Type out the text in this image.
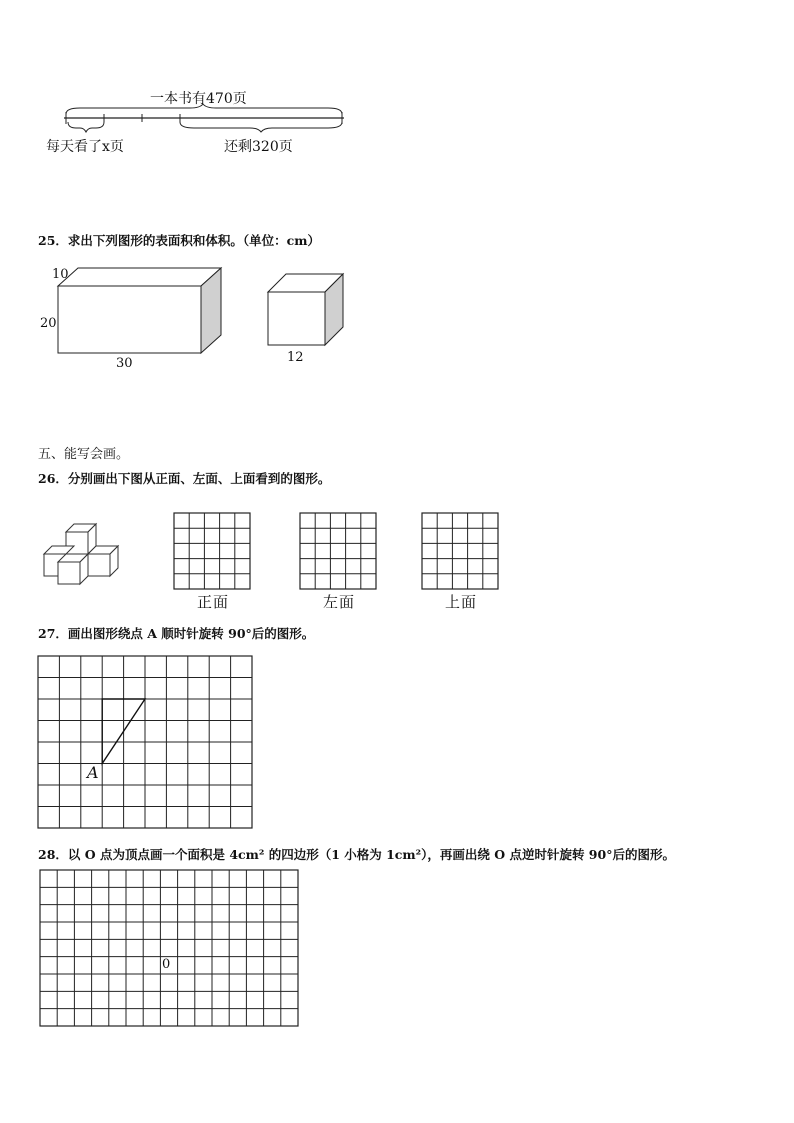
一本书有470页
每天看了x页	还剩320页
25．求出下列图形的表面积和体积。（单位：cm）
10
20
30	12
五、能写会画。
26．分别画出下图从正面、左面、上面看到的图形。
正面	左面	上面
27．画出图形绕点 A 顺时针旋转 90°后的图形。
A
28．以 O 点为顶点画一个面积是 4cm² 的四边形（1 小格为 1cm²），再画出绕 O 点逆时针旋转 90°后的图形。
0
